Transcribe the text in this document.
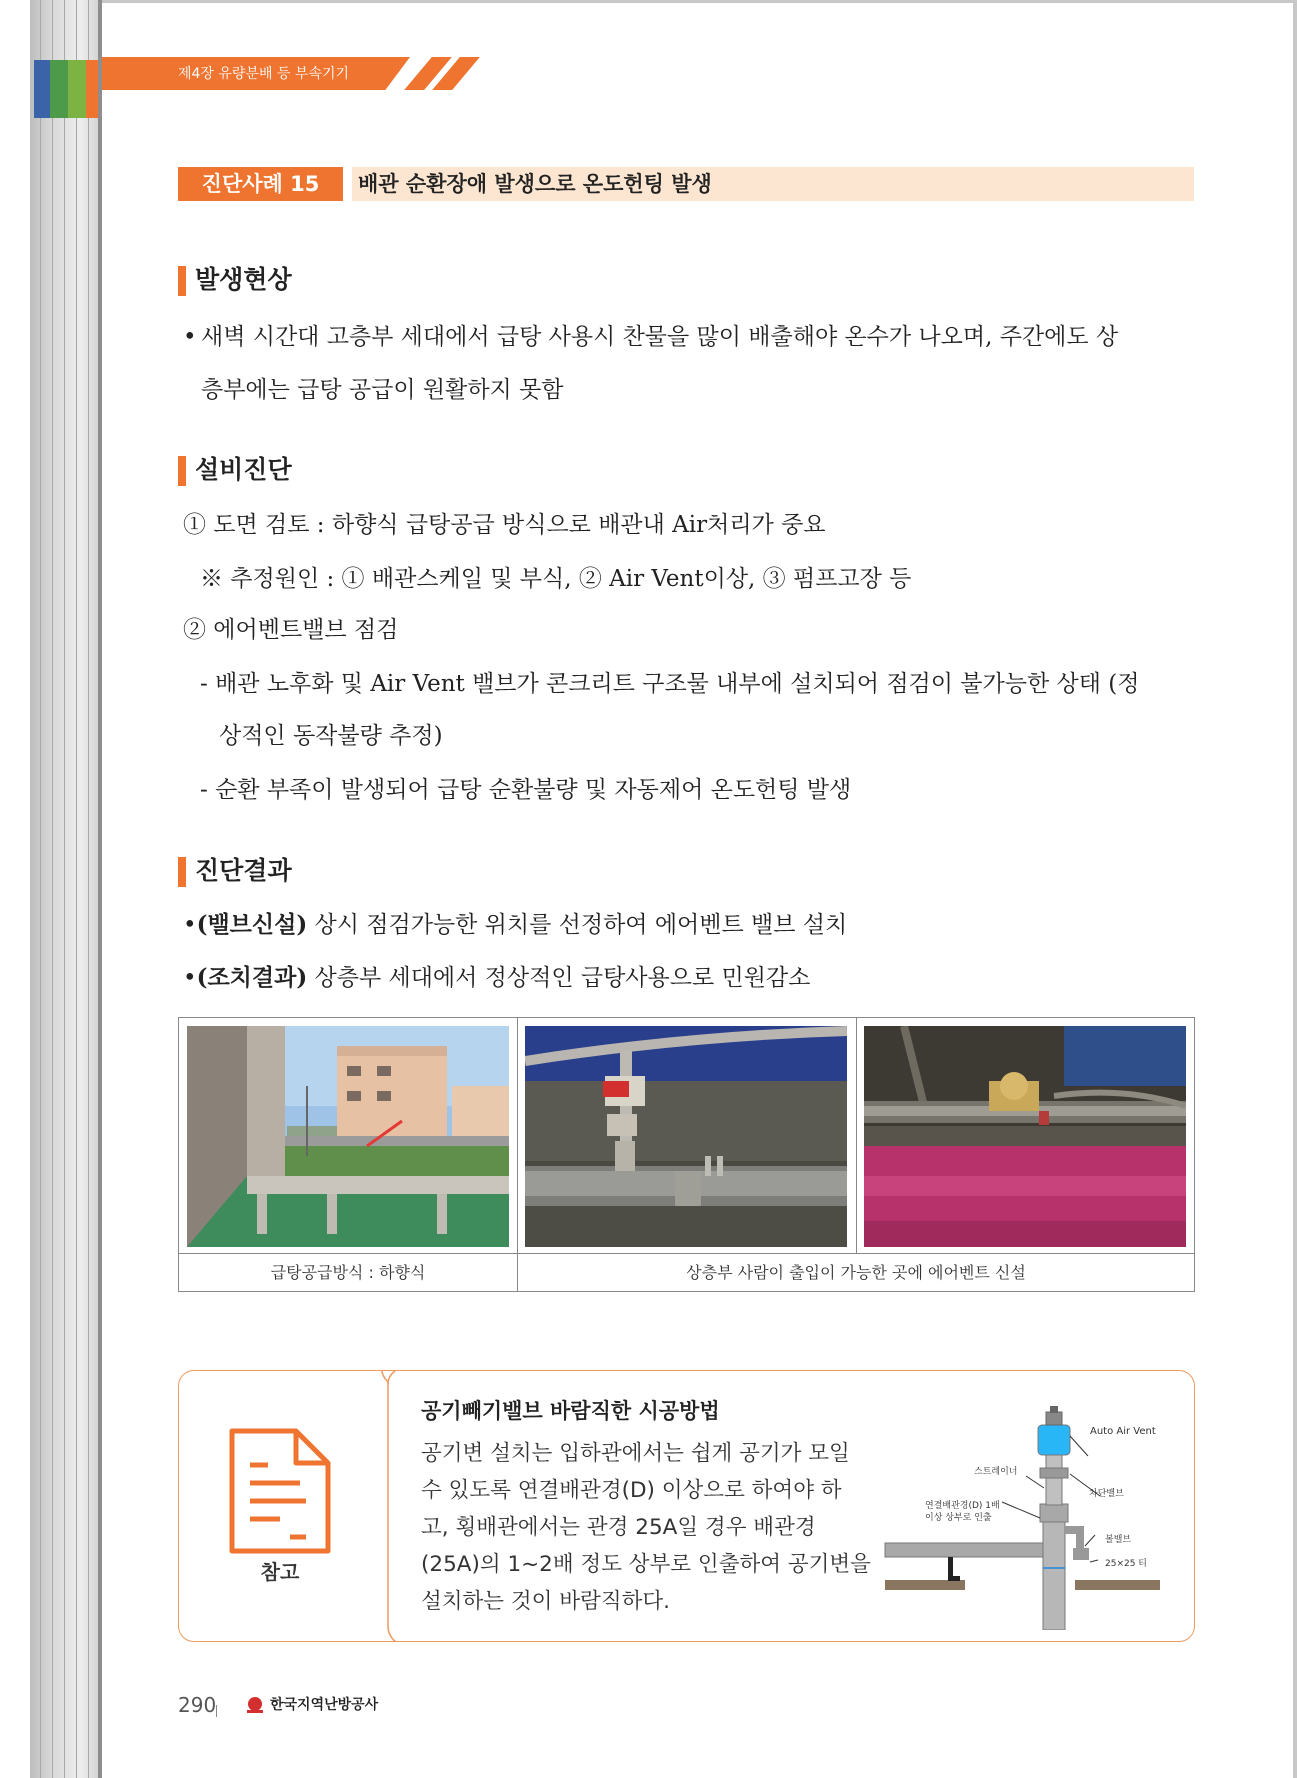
제4장 유량분배 등 부속기기
진단사례 15	배관 순환장애 발생으로 온도헌팅 발생
발생현상
• 새벽 시간대 고층부 세대에서 급탕 사용시 찬물을 많이 배출해야 온수가 나오며, 주간에도 상
층부에는 급탕 공급이 원활하지 못함
설비진단
① 도면 검토 : 하향식 급탕공급 방식으로 배관내 Air처리가 중요
※ 추정원인 : ① 배관스케일 및 부식, ② Air Vent이상, ③ 펌프고장 등
② 에어벤트밸브 점검
- 배관 노후화 및 Air Vent 밸브가 콘크리트 구조물 내부에 설치되어 점검이 불가능한 상태 (정
상적인 동작불량 추정)
- 순환 부족이 발생되어 급탕 순환불량 및 자동제어 온도헌팅 발생
진단결과
•(밸브신설) 상시 점검가능한 위치를 선정하여 에어벤트 밸브 설치
•(조치결과) 상층부 세대에서 정상적인 급탕사용으로 민원감소
급탕공급방식 : 하향식	상층부 사람이 출입이 가능한 곳에 에어벤트 신설
참고
공기빼기밸브 바람직한 시공방법
공기변 설치는 입하관에서는 쉽게 공기가 모일
수 있도록 연결배관경(D) 이상으로 하여야 하
고, 횡배관에서는 관경 25A일 경우 배관경
(25A)의 1~2배 정도 상부로 인출하여 공기변을
설치하는 것이 바람직하다.
Auto Air Vent
스트레이너
차단밸브
연결배관경(D) 1배
이상 상부로 인출
볼밸브
25×25 티
290	한국지역난방공사
